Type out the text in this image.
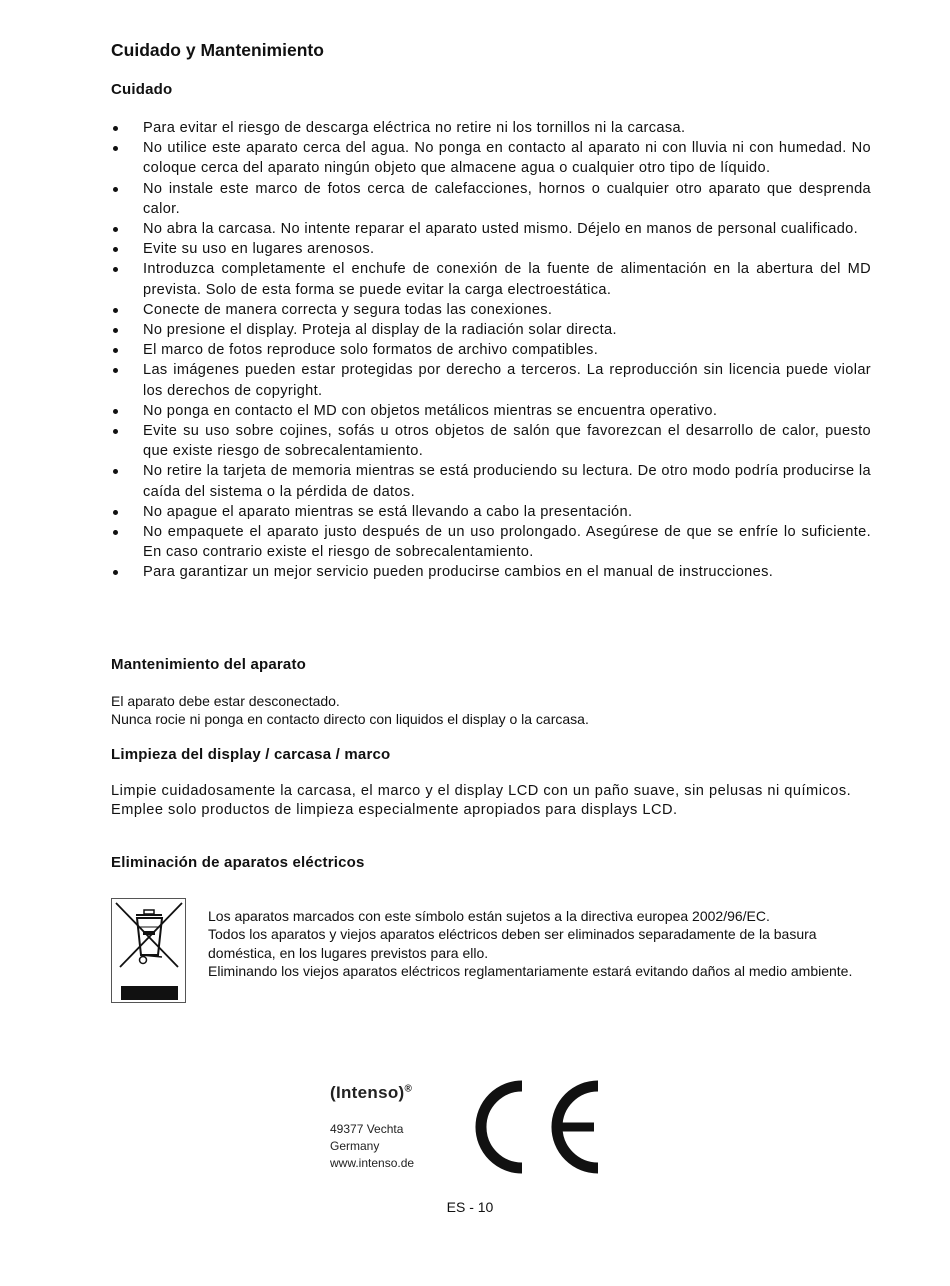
Cuidado y Mantenimiento
Cuidado
Para evitar el riesgo de descarga eléctrica no retire ni los tornillos ni la carcasa.
No utilice este aparato cerca del agua. No ponga en contacto al aparato ni con lluvia ni con humedad. No coloque cerca del aparato ningún objeto que almacene agua o cualquier otro tipo de líquido.
No instale este marco de fotos cerca de calefacciones, hornos o cualquier otro aparato que desprenda calor.
No abra la carcasa. No intente reparar el aparato usted mismo. Déjelo en manos de personal cualificado.
Evite su uso en lugares arenosos.
Introduzca completamente el enchufe de conexión de la fuente de alimentación en la abertura del MD prevista. Solo de esta forma se puede evitar la carga electroestática.
Conecte de manera correcta y segura todas las conexiones.
No presione el display. Proteja al display de la radiación solar directa.
El marco de fotos reproduce solo formatos de archivo compatibles.
Las imágenes pueden estar protegidas por derecho a terceros. La reproducción sin licencia puede violar los derechos de copyright.
No ponga en contacto el MD con objetos metálicos mientras se encuentra operativo.
Evite su uso sobre cojines, sofás u otros objetos de salón que favorezcan el desarrollo de calor, puesto que existe riesgo de sobrecalentamiento.
No retire la tarjeta de memoria mientras se está produciendo su lectura. De otro modo podría producirse la caída del sistema o la pérdida de datos.
No apague el aparato mientras se está llevando a cabo la presentación.
No empaquete el aparato justo después de un uso prolongado. Asegúrese de que se enfríe lo suficiente. En caso contrario existe el riesgo de sobrecalentamiento.
Para garantizar un mejor servicio pueden producirse cambios en el manual de instrucciones.
Mantenimiento del aparato
El aparato debe estar desconectado.
Nunca rocie ni ponga en contacto directo con liquidos el display o la carcasa.
Limpieza del display / carcasa / marco

Limpie cuidadosamente la carcasa, el marco y el display LCD con un paño suave, sin pelusas ni químicos. Emplee solo productos de limpieza especialmente apropiados para displays LCD.

Eliminación de aparatos eléctricos
Los aparatos marcados con este símbolo están sujetos a la directiva europea 2002/96/EC.
Todos los aparatos y viejos aparatos eléctricos deben ser eliminados separadamente de la basura doméstica, en los lugares previstos para ello.
Eliminando los viejos aparatos eléctricos reglamentariamente estará evitando daños al medio ambiente.
(Intenso)®
49377 Vechta
Germany
www.intenso.de
ES - 10
